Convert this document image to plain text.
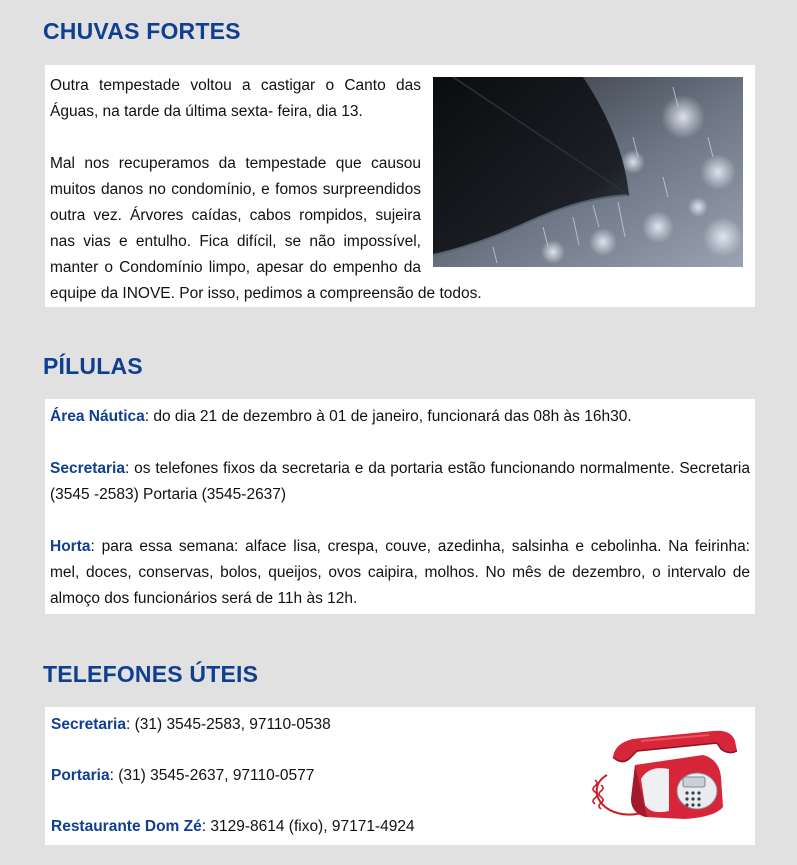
CHUVAS FORTES

Outra tempestade voltou a castigar o Canto das Águas, na tarde da última sexta- feira, dia 13.

Mal nos recuperamos da tempestade que causou muitos danos no condomínio, e fomos surpreendidos outra vez. Árvores caídas, cabos rompidos, sujeira nas vias e entulho. Fica difícil, se não impossível, manter o Condomínio limpo, apesar do empenho da equipe da INOVE. Por isso, pedimos a compreensão de todos.

PÍLULAS

Área Náutica: do dia 21 de dezembro à 01 de janeiro, funcionará das 08h às 16h30.

Secretaria: os telefones fixos da secretaria e da portaria estão funcionando normalmente. Secretaria (3545 -2583) Portaria (3545-2637)

Horta: para essa semana: alface lisa, crespa, couve, azedinha, salsinha e cebolinha. Na feirinha: mel, doces, conservas, bolos, queijos, ovos caipira, molhos. No mês de dezembro, o intervalo de almoço dos funcionários será de 11h às 12h.

TELEFONES ÚTEIS

Secretaria: (31) 3545-2583, 97110-0538

Portaria: (31) 3545-2637, 97110-0577

Restaurante Dom Zé: 3129-8614 (fixo), 97171-4924
